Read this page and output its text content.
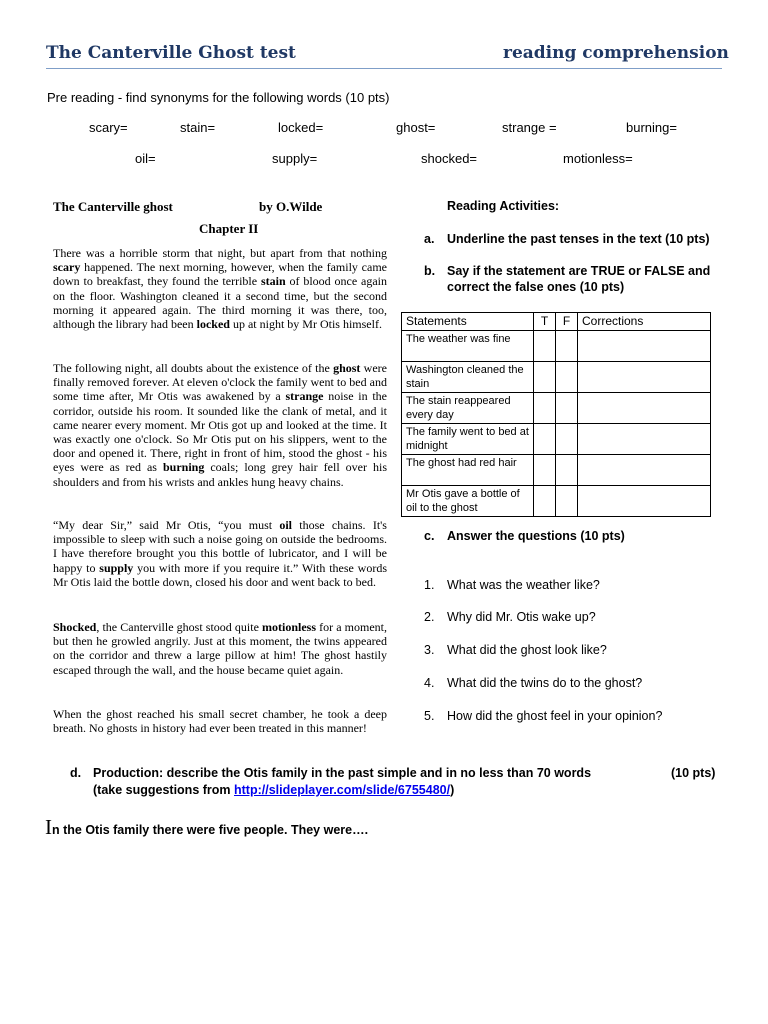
The Canterville Ghost test	reading comprehension
Pre reading - find synonyms for the following words (10 pts)
scary=	stain=	locked=	ghost=	strange =	burning=
oil=	supply=	shocked=	motionless=
The Canterville ghost	by O.Wilde
Chapter II
There was a horrible storm that night, but apart from that nothing scary happened. The next morning, however, when the family came down to breakfast, they found the terrible stain of blood once again on the floor. Washington cleaned it a second time, but the second morning it appeared again. The third morning it was there, too, although the library had been locked up at night by Mr Otis himself.
The following night, all doubts about the existence of the ghost were finally removed forever. At eleven o'clock the family went to bed and some time after, Mr Otis was awakened by a strange noise in the corridor, outside his room. It sounded like the clank of metal, and it came nearer every moment. Mr Otis got up and looked at the time. It was exactly one o'clock. So Mr Otis put on his slippers, went to the door and opened it. There, right in front of him, stood the ghost - his eyes were as red as burning coals; long grey hair fell over his shoulders and from his wrists and ankles hung heavy chains.
“My dear Sir,” said Mr Otis, “you must oil those chains. It's impossible to sleep with such a noise going on outside the bedrooms. I have therefore brought you this bottle of lubricator, and I will be happy to supply you with more if you require it.” With these words Mr Otis laid the bottle down, closed his door and went back to bed.
Shocked, the Canterville ghost stood quite motionless for a moment, but then he growled angrily. Just at this moment, the twins appeared on the corridor and threw a large pillow at him! The ghost hastily escaped through the wall, and the house became quiet again.
When the ghost reached his small secret chamber, he took a deep breath. No ghosts in history had ever been treated in this manner!
Reading Activities:
a. Underline the past tenses in the text (10 pts)
b. Say if the statement are TRUE or FALSE and
correct the false ones (10 pts)
Statements	T	F	Corrections
The weather was fine			
Washington cleaned the stain			
The stain reappeared every day			
The family went to bed at midnight			
The ghost had red hair			
Mr Otis gave a bottle of oil to the ghost			
c. Answer the questions (10 pts)
1. What was the weather like?
2. Why did Mr. Otis wake up?
3. What did the ghost look like?
4. What did the twins do to the ghost?
5. How did the ghost feel in your opinion?
d. Production: describe the Otis family in the past simple and in no less than 70 words	(10 pts)
(take suggestions from http://slideplayer.com/slide/6755480/)
In the Otis family there were five people. They were….
